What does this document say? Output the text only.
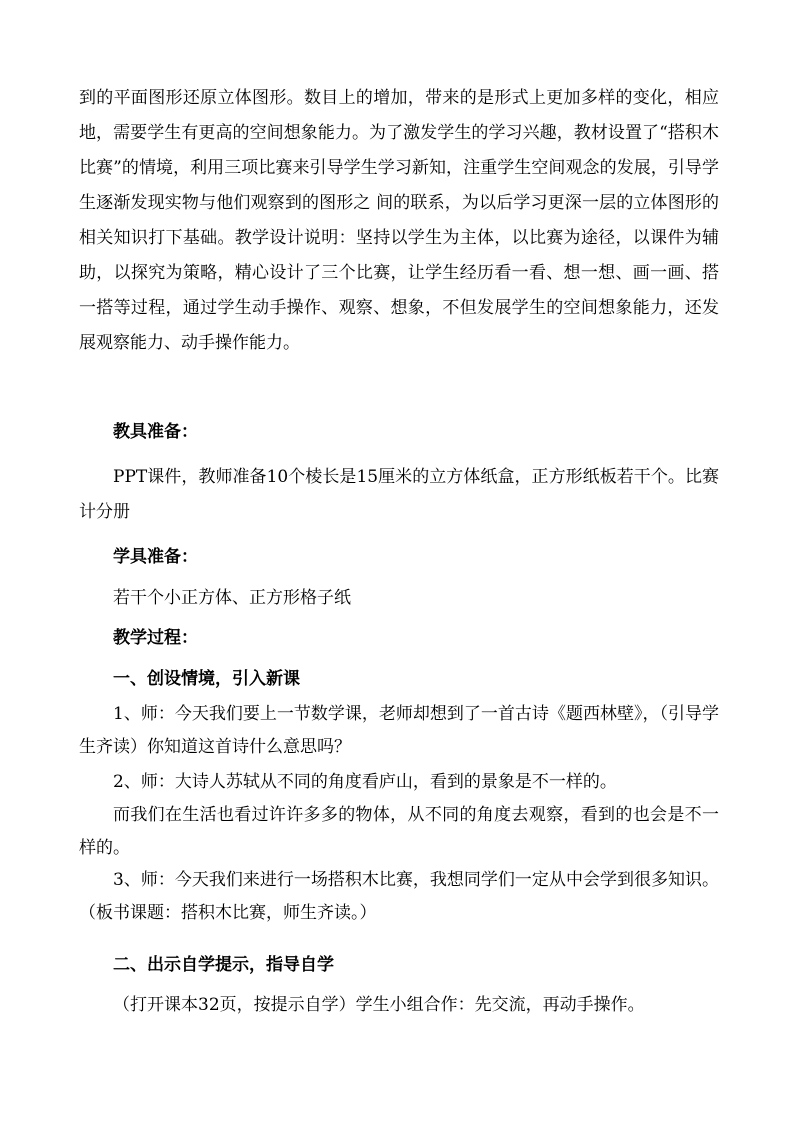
到的平面图形还原立体图形。数目上的增加，带来的是形式上更加多样的变化，相应地，需要学生有更高的空间想象能力。为了激发学生的学习兴趣，教材设置了“搭积木比赛”的情境，利用三项比赛来引导学生学习新知，注重学生空间观念的发展，引导学生逐渐发现实物与他们观察到的图形之 间的联系，为以后学习更深一层的立体图形的相关知识打下基础。教学设计说明：坚持以学生为主体，以比赛为途径，以课件为辅助，以探究为策略，精心设计了三个比赛，让学生经历看一看、想一想、画一画、搭一搭等过程，通过学生动手操作、观察、想象，不但发展学生的空间想象能力，还发展观察能力、动手操作能力。

教具准备：

PPT课件，教师准备10个棱长是15厘米的立方体纸盒，正方形纸板若干个。比赛计分册

学具准备：

若干个小正方体、正方形格子纸

教学过程：

一、创设情境，引入新课

1、师：今天我们要上一节数学课，老师却想到了一首古诗《题西林壁》，（引导学生齐读）你知道这首诗什么意思吗？

2、师：大诗人苏轼从不同的角度看庐山，看到的景象是不一样的。

而我们在生活也看过许许多多的物体，从不同的角度去观察，看到的也会是不一样的。

3、师：今天我们来进行一场搭积木比赛，我想同学们一定从中会学到很多知识。（板书课题：搭积木比赛，师生齐读。）

二、出示自学提示，指导自学

（打开课本32页，按提示自学）学生小组合作：先交流，再动手操作。
